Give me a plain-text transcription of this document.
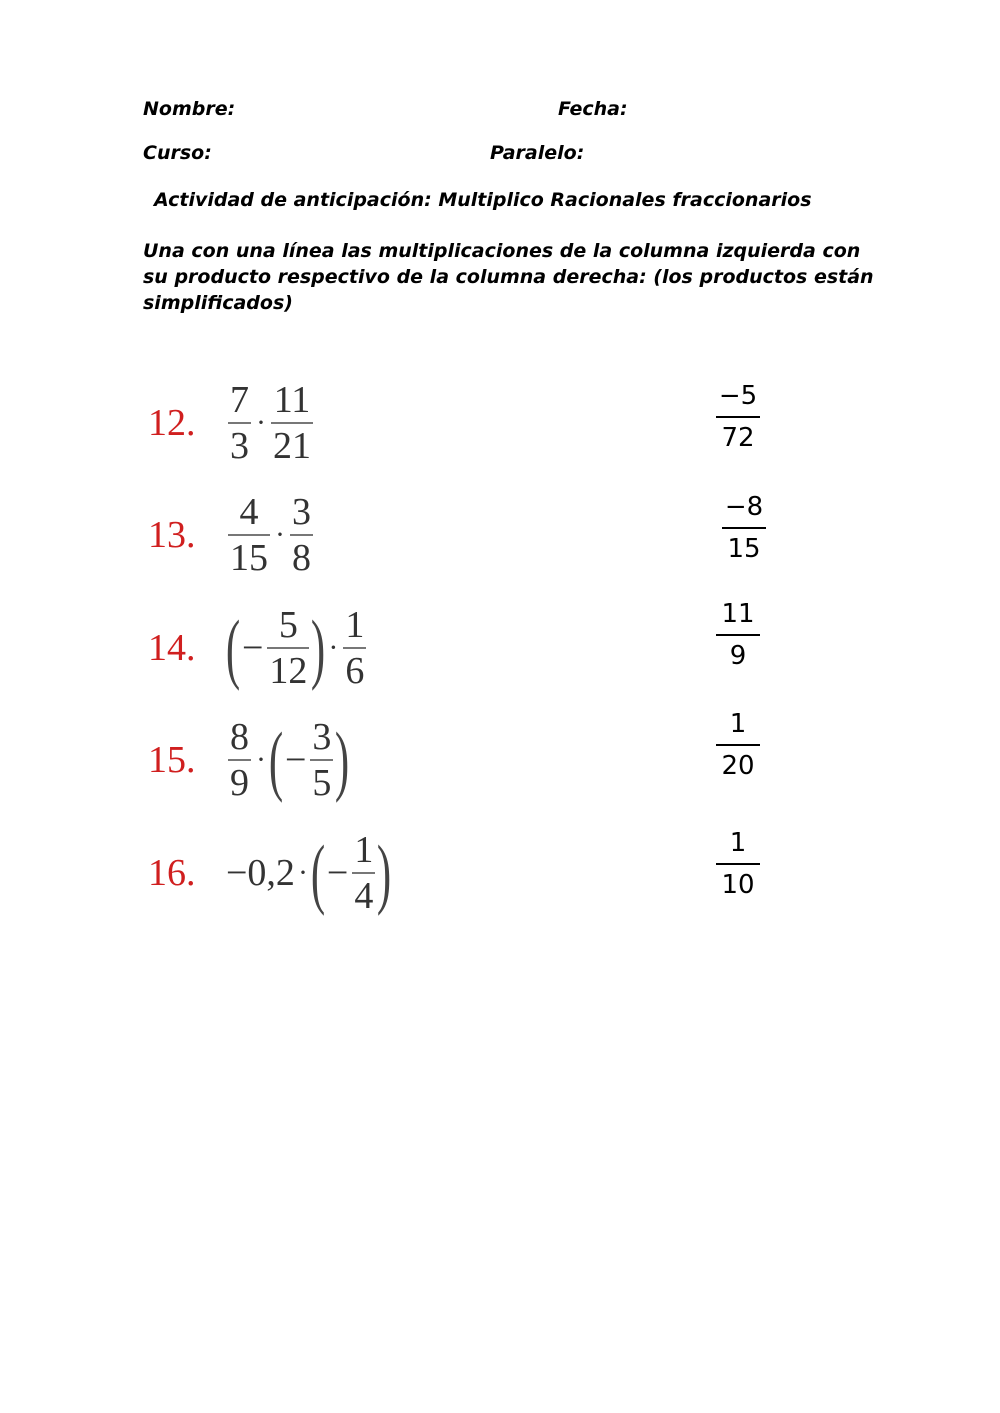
Nombre:	Fecha:
Curso:	Paralelo:
Actividad de anticipación: Multiplico Racionales fraccionarios
Una con una línea las multiplicaciones de la columna izquierda con su producto respectivo de la columna derecha: (los productos están simplificados)
12. $\frac{7}{3} \cdot \frac{11}{21}$
13. $\frac{4}{15} \cdot \frac{3}{8}$
14. ( − $\frac{5}{12}$ ) · $\frac{1}{6}$
15. $\frac{8}{9}$ · ( − $\frac{3}{5}$ )
16. −0,2 · ( − $\frac{1}{4}$ )
−5
72
−8
15
11
9
1
20
1
10
